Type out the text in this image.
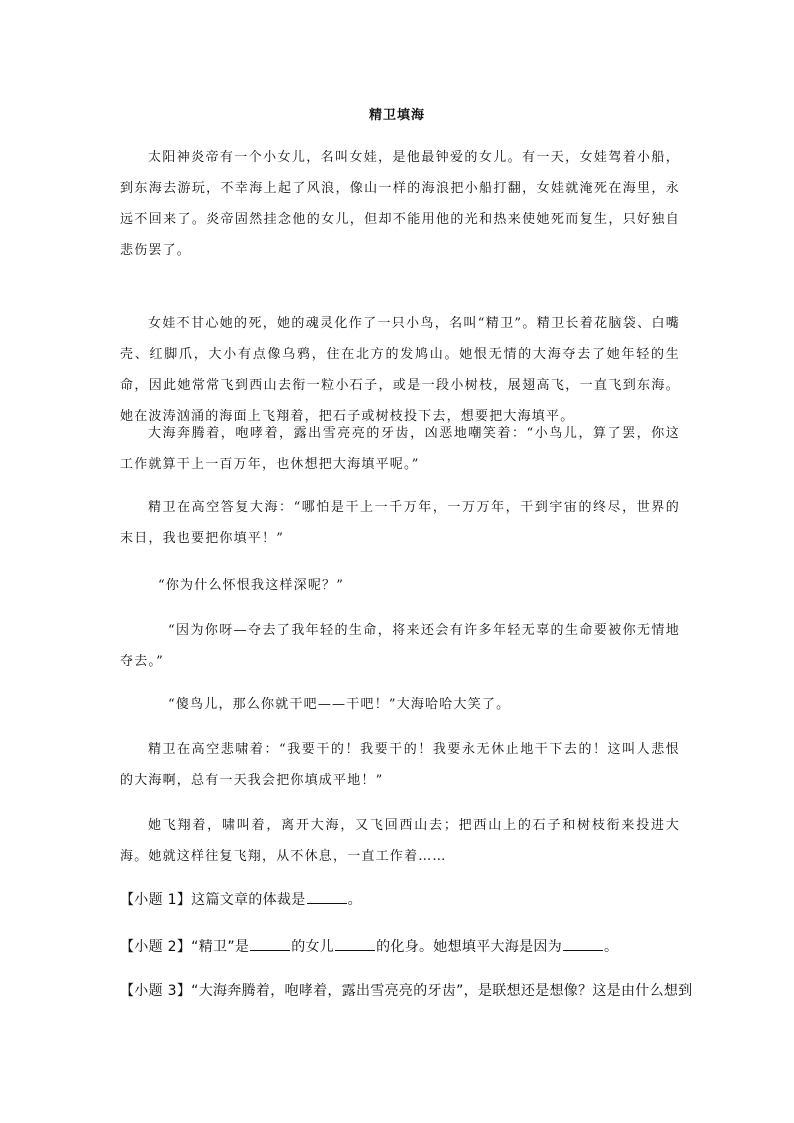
精卫填海

太阳神炎帝有一个小女儿，名叫女娃，是他最钟爱的女儿。有一天，女娃驾着小船，到东海去游玩，不幸海上起了风浪，像山一样的海浪把小船打翻，女娃就淹死在海里，永远不回来了。炎帝固然挂念他的女儿，但却不能用他的光和热来使她死而复生，只好独自悲伤罢了。

女娃不甘心她的死，她的魂灵化作了一只小鸟，名叫“精卫”。精卫长着花脑袋、白嘴壳、红脚爪，大小有点像乌鸦，住在北方的发鸠山。她恨无情的大海夺去了她年轻的生命，因此她常常飞到西山去衔一粒小石子，或是一段小树枝，展翅高飞，一直飞到东海。她在波涛汹涌的海面上飞翔着，把石子或树枝投下去，想要把大海填平。

大海奔腾着，咆哮着，露出雪亮亮的牙齿，凶恶地嘲笑着：“小鸟儿，算了罢，你这工作就算干上一百万年，也休想把大海填平呢。”

精卫在高空答复大海：“哪怕是干上一千万年，一万万年，干到宇宙的终尽，世界的末日，我也要把你填平！”

“你为什么怀恨我这样深呢？”

“因为你呀—夺去了我年轻的生命，将来还会有许多年轻无辜的生命要被你无情地夺去。”

“傻鸟儿，那么你就干吧——干吧！”大海哈哈大笑了。

精卫在高空悲啸着：“我要干的！我要干的！我要永无休止地干下去的！这叫人悲恨的大海啊，总有一天我会把你填成平地！”

她飞翔着，啸叫着，离开大海，又飞回西山去；把西山上的石子和树枝衔来投进大海。她就这样往复飞翔，从不休息，一直工作着……

【小题 1】这篇文章的体裁是	。

【小题 2】“精卫”是	的女儿	的化身。她想填平大海是因为	。

【小题 3】“大海奔腾着，咆哮着，露出雪亮亮的牙齿”，是联想还是想像？这是由什么想到
